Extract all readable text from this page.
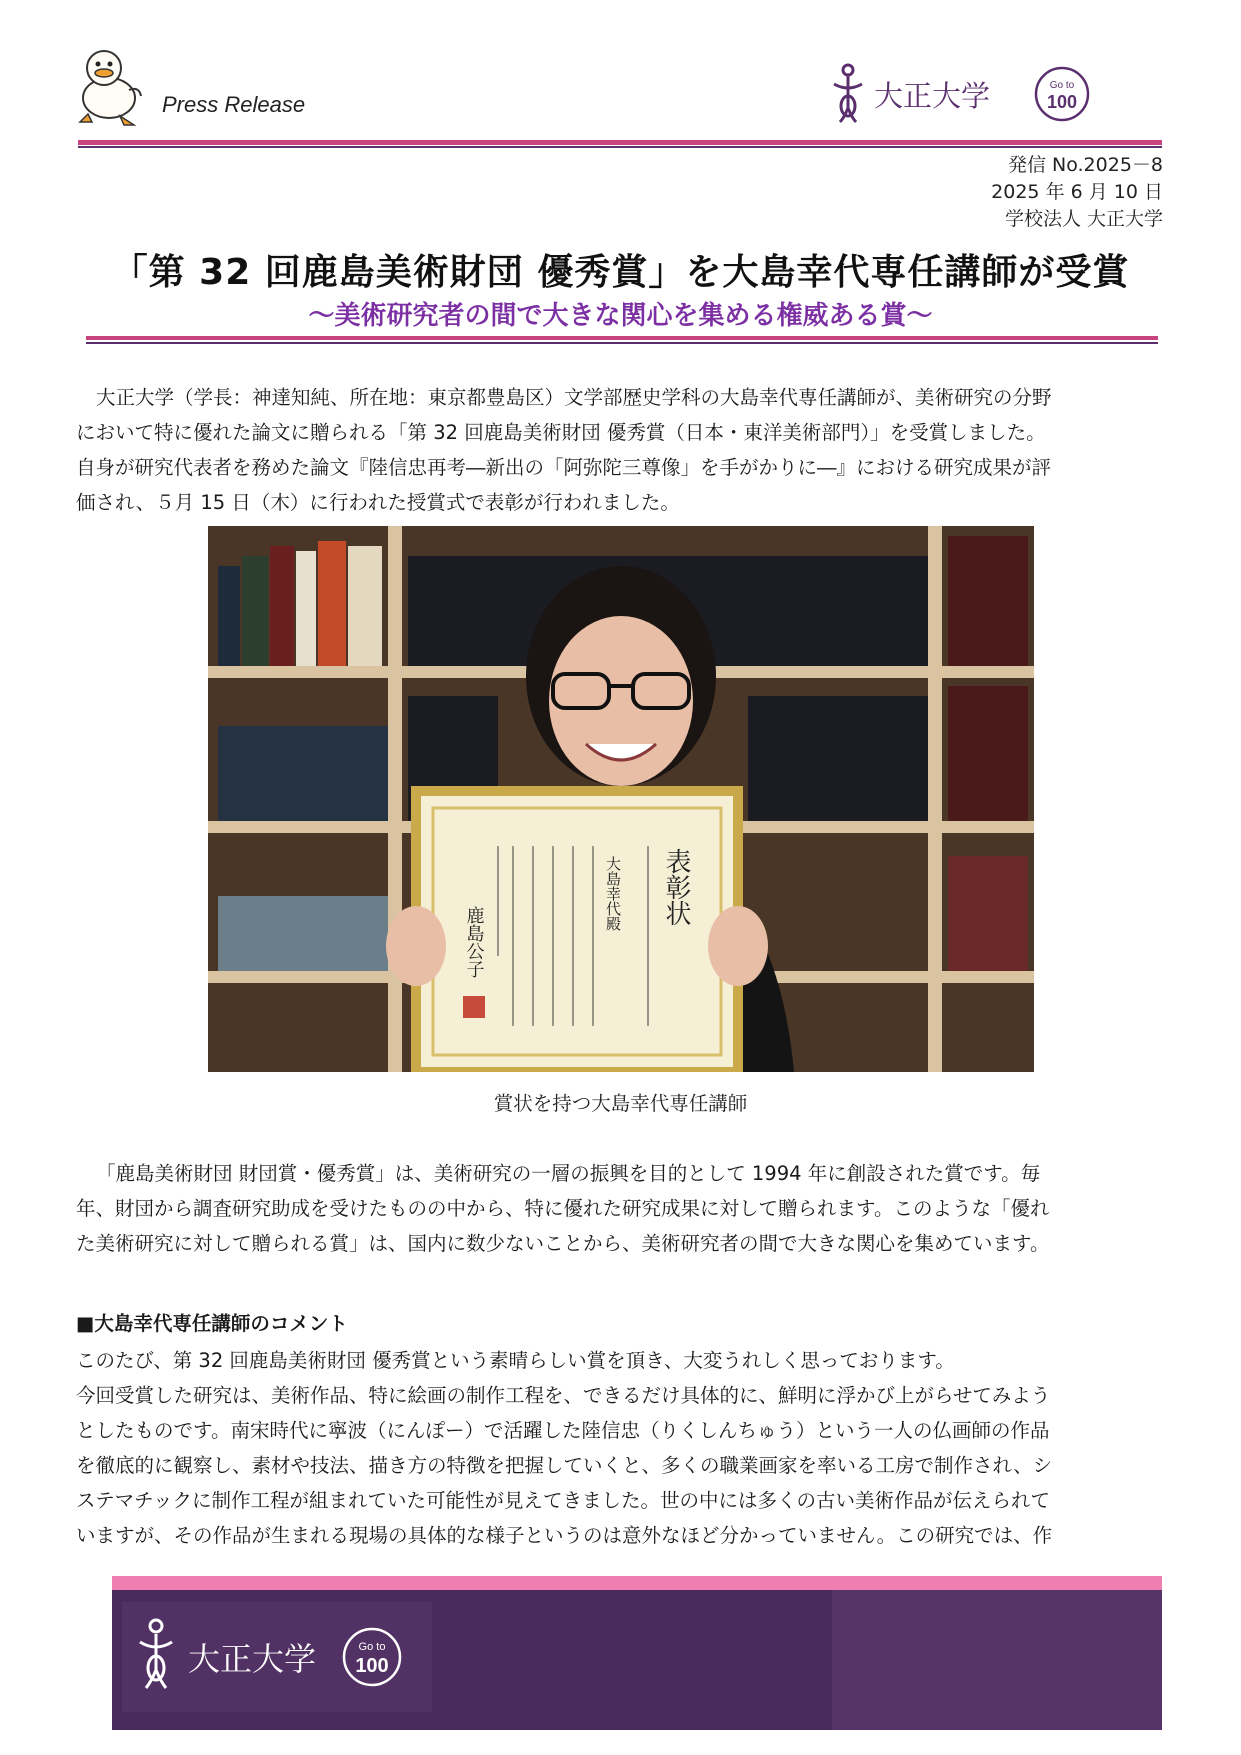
Press Release	大正大学	Go to
100
発信 No.2025－8
2025 年 6 月 10 日
学校法人 大正大学
「第 32 回鹿島美術財団 優秀賞」を大島幸代専任講師が受賞
～美術研究者の間で大きな関心を集める権威ある賞～
大正大学（学長：神達知純、所在地：東京都豊島区）文学部歴史学科の大島幸代専任講師が、美術研究の分野
において特に優れた論文に贈られる「第 32 回鹿島美術財団 優秀賞（日本・東洋美術部門）」を受賞しました。
自身が研究代表者を務めた論文『陸信忠再考―新出の「阿弥陀三尊像」を手がかりに―』における研究成果が評
価され、５月 15 日（木）に行われた授賞式で表彰が行われました。
表彰状
大島幸代殿
鹿島公子
賞状を持つ大島幸代専任講師
「鹿島美術財団 財団賞・優秀賞」は、美術研究の一層の振興を目的として 1994 年に創設された賞です。毎
年、財団から調査研究助成を受けたものの中から、特に優れた研究成果に対して贈られます。このような「優れ
た美術研究に対して贈られる賞」は、国内に数少ないことから、美術研究者の間で大きな関心を集めています。
■大島幸代専任講師のコメント
このたび、第 32 回鹿島美術財団 優秀賞という素晴らしい賞を頂き、大変うれしく思っております。
今回受賞した研究は、美術作品、特に絵画の制作工程を、できるだけ具体的に、鮮明に浮かび上がらせてみよう
としたものです。南宋時代に寧波（にんぽー）で活躍した陸信忠（りくしんちゅう）という一人の仏画師の作品
を徹底的に観察し、素材や技法、描き方の特徴を把握していくと、多くの職業画家を率いる工房で制作され、シ
ステマチックに制作工程が組まれていた可能性が見えてきました。世の中には多くの古い美術作品が伝えられて
いますが、その作品が生まれる現場の具体的な様子というのは意外なほど分かっていません。この研究では、作
大正大学	Go to
100
